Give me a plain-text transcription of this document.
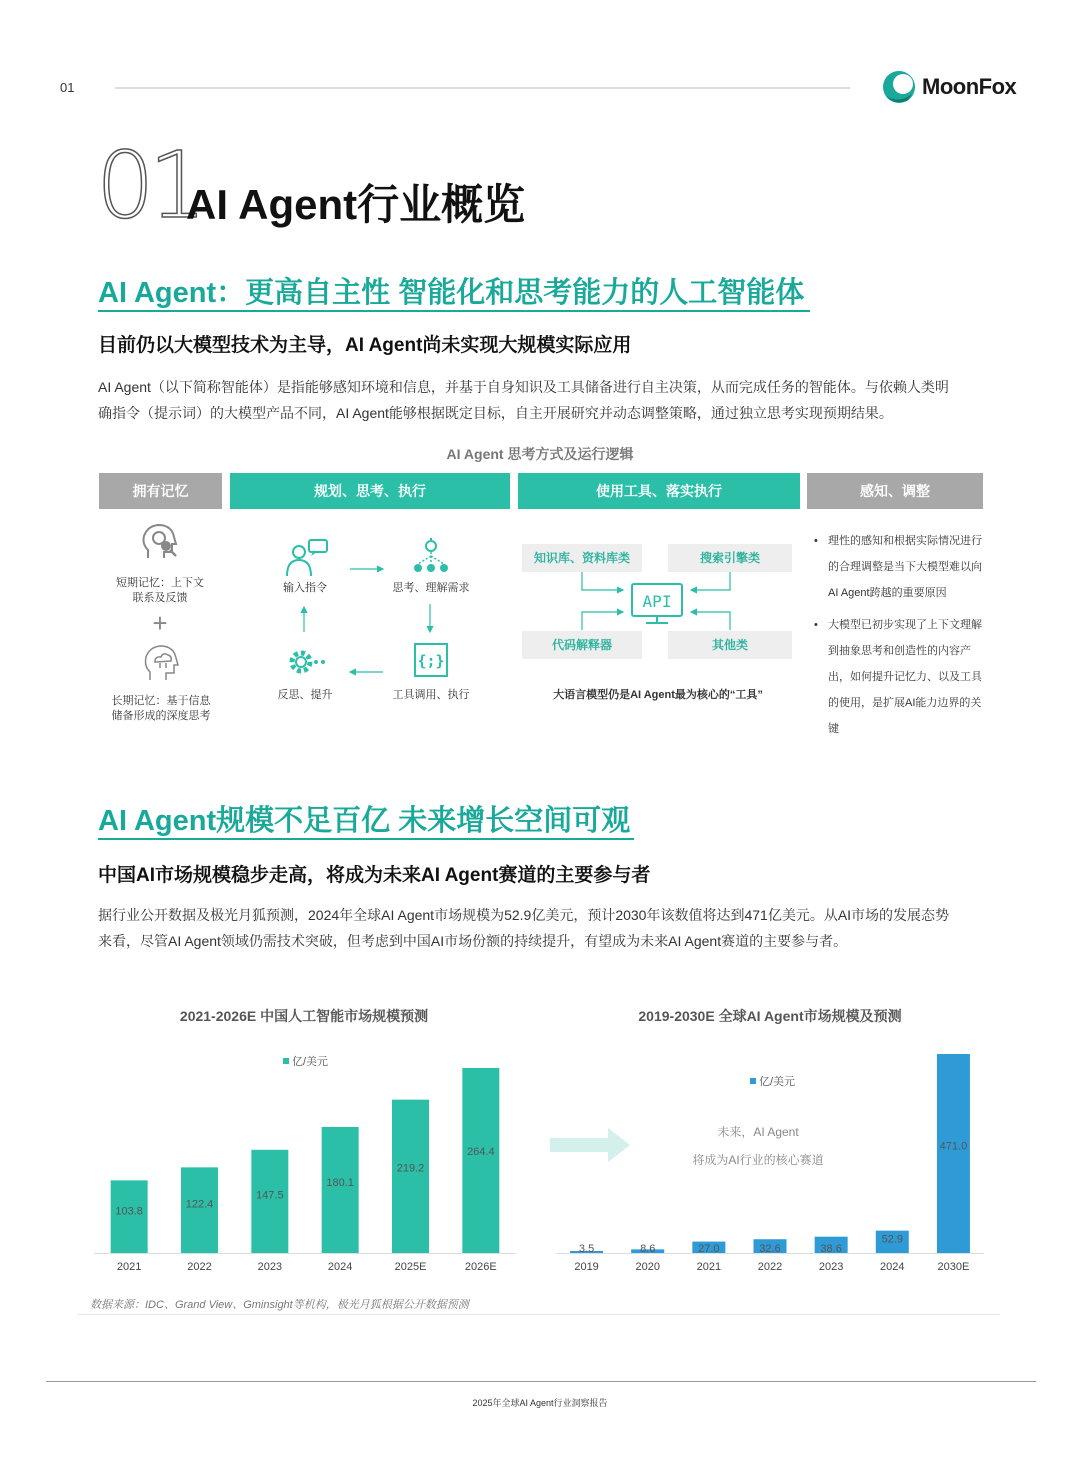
01	MoonFox
01
AI Agent行业概览
AI Agent：更高自主性 智能化和思考能力的人工智能体
目前仍以大模型技术为主导，AI Agent尚未实现大规模实际应用
AI Agent（以下简称智能体）是指能够感知环境和信息，并基于自身知识及工具储备进行自主决策，从而完成任务的智能体。与依赖人类明
确指令（提示词）的大模型产品不同，AI Agent能够根据既定目标，自主开展研究并动态调整策略，通过独立思考实现预期结果。
AI Agent 思考方式及运行逻辑
拥有记忆	规划、思考、执行	使用工具、落实执行	感知、调整
短期记忆：上下文
联系及反馈
+
长期记忆：基于信息
储备形成的深度思考
输入指令	思考、理解需求
反思、提升
{;}
工具调用、执行
知识库、资料库类	搜索引擎类
代码解释器	其他类
API
大语言模型仍是AI Agent最为核心的“工具”
• 理性的感知和根据实际情况进行的合理调整是当下大模型难以向AI Agent跨越的重要原因
• 大模型已初步实现了上下文理解到抽象思考和创造性的内容产出，如何提升记忆力、以及工具的使用，是扩展AI能力边界的关键
AI Agent规模不足百亿 未来增长空间可观
中国AI市场规模稳步走高，将成为未来AI Agent赛道的主要参与者
据行业公开数据及极光月狐预测，2024年全球AI Agent市场规模为52.9亿美元，预计2030年该数值将达到471亿美元。从AI市场的发展态势
来看，尽管AI Agent领域仍需技术突破，但考虑到中国AI市场份额的持续提升，有望成为未来AI Agent赛道的主要参与者。
2021-2026E 中国人工智能市场规模预测
亿/美元
2019-2030E 全球AI Agent市场规模及预测
亿/美元
未来，AI Agent
将成为AI行业的核心赛道
103.8
2021
122.4
2022
147.5
2023
180.1
2024
219.2
2025E
264.4
2026E
3.5
2019
8.6
2020
27.0
2021
32.6
2022
38.6
2023
52.9
2024
471.0
2030E
数据来源：IDC、Grand View、Gminsight等机构，极光月狐根据公开数据预测
2025年全球AI Agent行业洞察报告
